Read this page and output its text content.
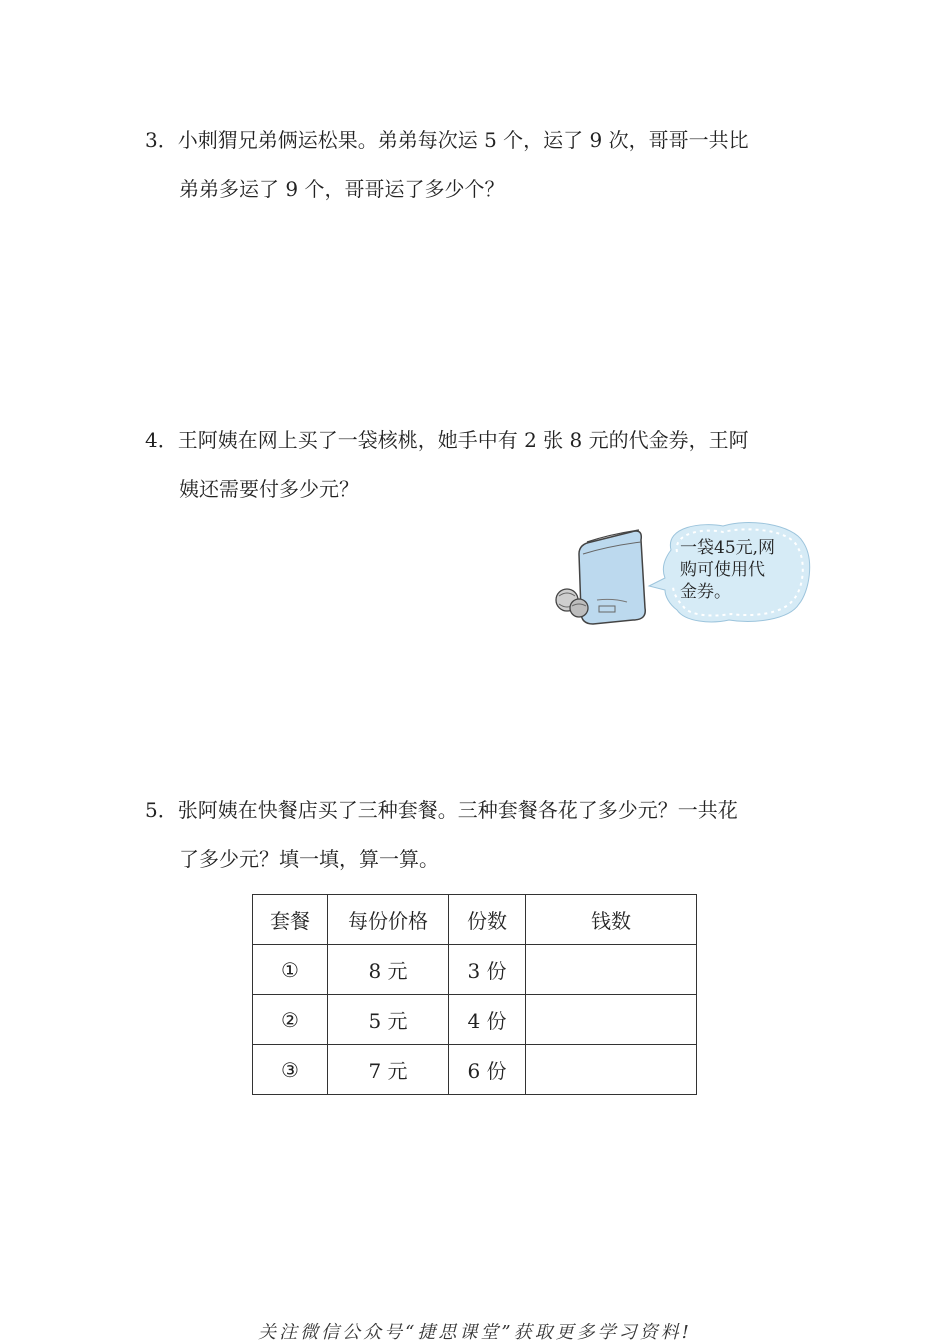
3．小刺猬兄弟俩运松果。弟弟每次运 5 个，运了 9 次，哥哥一共比
弟弟多运了 9 个，哥哥运了多少个？
4．王阿姨在网上买了一袋核桃，她手中有 2 张 8 元的代金券，王阿
姨还需要付多少元？
一袋45元,网
购可使用代
金券。
5．张阿姨在快餐店买了三种套餐。三种套餐各花了多少元？一共花
了多少元？填一填，算一算。
套餐	每份价格	份数	钱数
①	8 元	3 份	
②	5 元	4 份	
③	7 元	6 份	
关注微信公众号“捷思课堂”获取更多学习资料!
